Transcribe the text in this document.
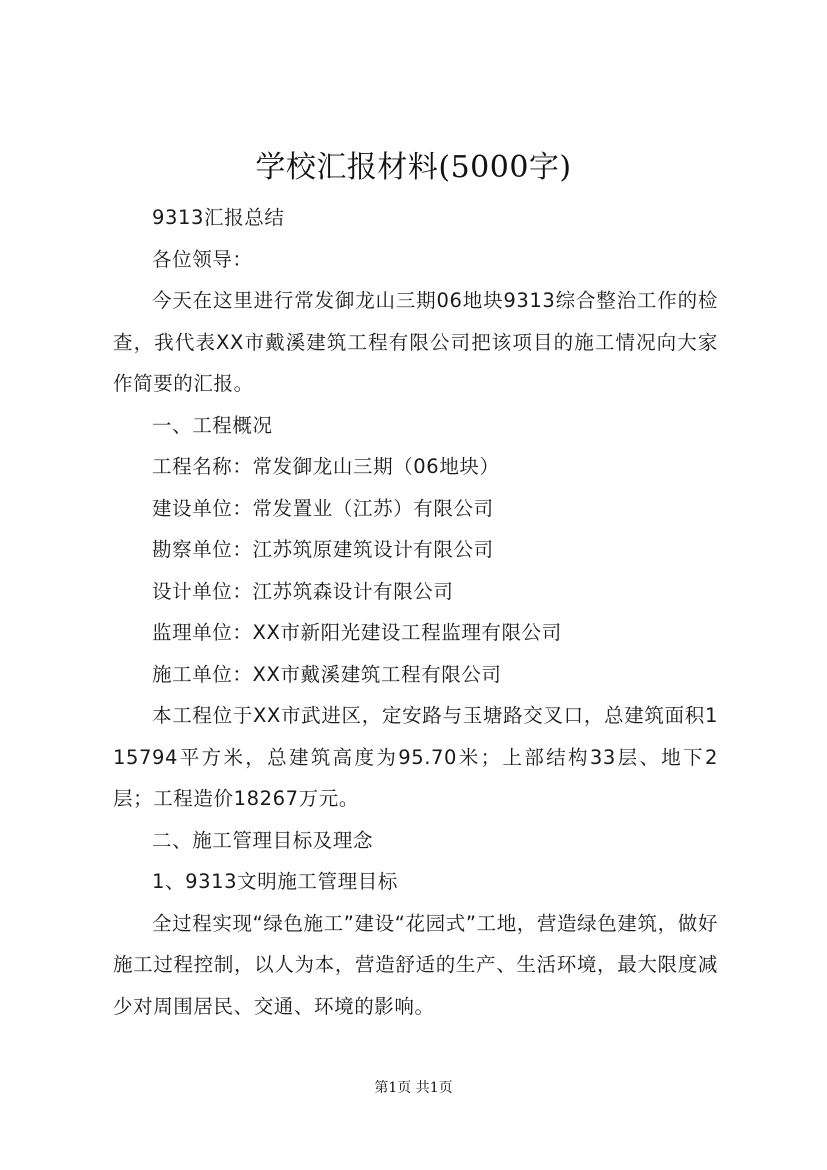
学校汇报材料(5000字)

9313汇报总结

各位领导：

今天在这里进行常发御龙山三期06地块9313综合整治工作的检查，我代表XX市戴溪建筑工程有限公司把该项目的施工情况向大家作简要的汇报。

一、工程概况

工程名称：常发御龙山三期（06地块）

建设单位：常发置业（江苏）有限公司

勘察单位：江苏筑原建筑设计有限公司

设计单位：江苏筑森设计有限公司

监理单位：XX市新阳光建设工程监理有限公司

施工单位：XX市戴溪建筑工程有限公司

本工程位于XX市武进区，定安路与玉塘路交叉口，总建筑面积115794平方米，总建筑高度为95.70米；上部结构33层、地下2层；工程造价18267万元。

二、施工管理目标及理念

1、9313文明施工管理目标

全过程实现“绿色施工”建设“花园式”工地，营造绿色建筑，做好施工过程控制，以人为本，营造舒适的生产、生活环境，最大限度减少对周围居民、交通、环境的影响。

第1页 共1页
